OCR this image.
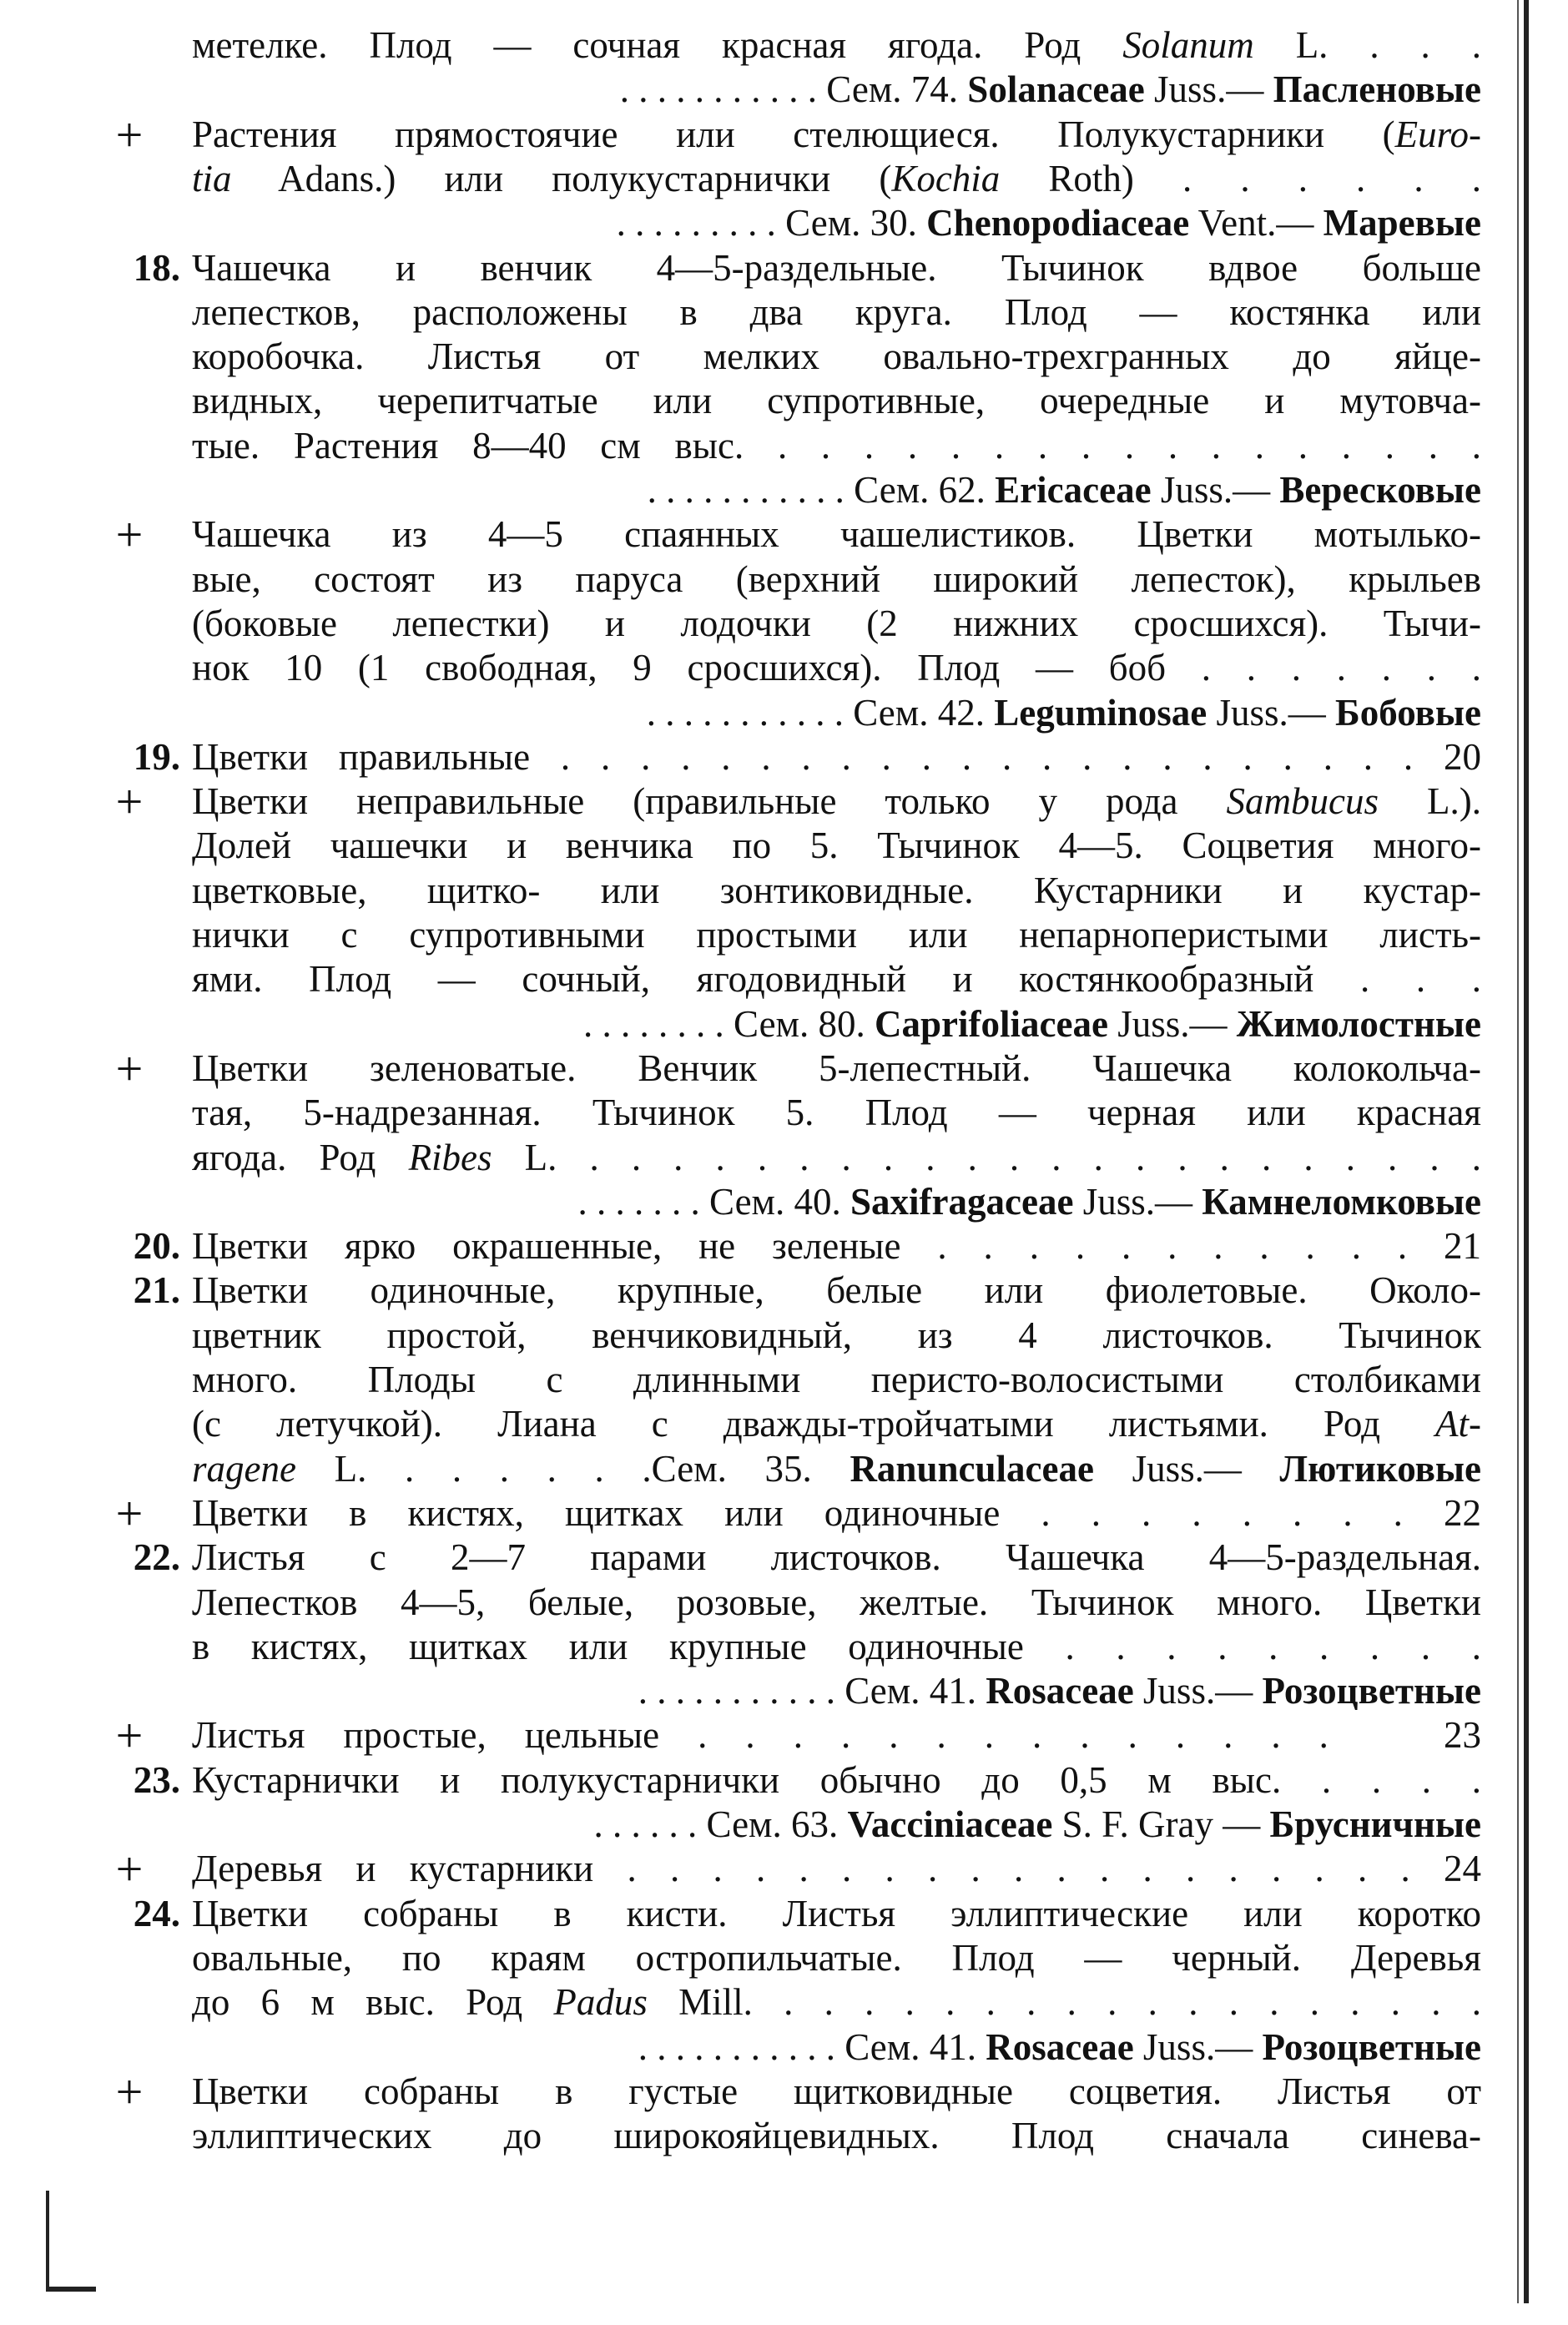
метелке. Плод — сочная красная ягода. Род Solanum L. . . .
. . . . . . . . . . . Сем. 74. Solanaceae Juss.— Пасленовые
+	Растения прямостоячие или стелющиеся. Полукустарники (Euro-
tia Adans.) или полукустарнички (Kochia Roth) . . . . . .
. . . . . . . . . Сем. 30. Chenopodiaceae Vent.— Маревые
18. Чашечка и венчик 4—5-раздельные. Тычинок вдвое больше
лепестков, расположены в два круга. Плод — костянка или
коробочка. Листья от мелких овально-трехгранных до яйце-
видных, черепитчатые или супротивные, очередные и мутовча-
тые. Растения 8—40 см выс. . . . . . . . . . . . . . . . . .
. . . . . . . . . . . Сем. 62. Ericaceae Juss.— Вересковые
+	Чашечка из 4—5 спаянных чашелистиков. Цветки мотылько-
вые, состоят из паруса (верхний широкий лепесток), крыльев
(боковые лепестки) и лодочки (2 нижних сросшихся). Тычи-
нок 10 (1 свободная, 9 сросшихся). Плод — боб . . . . . . .
. . . . . . . . . . . Сем. 42. Leguminosae Juss.— Бобовые
19. Цветки правильные . . . . . . . . . . . . . . . . . . . . . . 20
+	Цветки неправильные (правильные только у рода Sambucus L.).
Долей чашечки и венчика по 5. Тычинок 4—5. Соцветия много-
цветковые, щитко- или зонтиковидные. Кустарники и кустар-
нички с супротивными простыми или непарноперистыми листь-
ями. Плод — сочный, ягодовидный и костянкообразный . . .
. . . . . . . . Сем. 80. Caprifoliaceae Juss.— Жимолостные
+	Цветки зеленоватые. Венчик 5-лепестный. Чашечка колокольча-
тая, 5-надрезанная. Тычинок 5. Плод — черная или красная
ягода. Род Ribes L. . . . . . . . . . . . . . . . . . . . . . .
. . . . . . . Сем. 40. Saxifragaceae Juss.— Камнеломковые
20. Цветки ярко окрашенные, не зеленые . . . . . . . . . . . 21
21. Цветки одиночные, крупные, белые или фиолетовые. Около-
цветник простой, венчиковидный, из 4 листочков. Тычинок
много. Плоды с длинными перисто-волосистыми столбиками
(с летучкой). Лиана с дважды-тройчатыми листьями. Род At-
ragene L. . . . . . .Сем. 35. Ranunculaceae Juss.— Лютиковые
+	Цветки в кистях, щитках или одиночные . . . . . . . . 22
22. Листья с 2—7 парами листочков. Чашечка 4—5-раздельная.
Лепестков 4—5, белые, розовые, желтые. Тычинок много. Цветки
в кистях, щитках или крупные одиночные . . . . . . . . .
. . . . . . . . . . . Сем. 41. Rosaceae Juss.— Розоцветные
+	Листья простые, цельные . . . . . . . . . . . . . .   23
23. Кустарнички и полукустарнички обычно до 0,5 м выс. . . . .
. . . . . . Сем. 63. Vacciniaceae S. F. Gray — Брусничные
+	Деревья и кустарники . . . . . . . . . . . . . . . . . . . 24
24. Цветки собраны в кисти. Листья эллиптические или коротко
овальные, по краям остропильчатые. Плод — черный. Деревья
до 6 м выс. Род Padus Mill. . . . . . . . . . . . . . . . . . .
. . . . . . . . . . . Сем. 41. Rosaceae Juss.— Розоцветные
+	Цветки собраны в густые щитковидные соцветия. Листья от
эллиптических до широкояйцевидных. Плод сначала синева-
